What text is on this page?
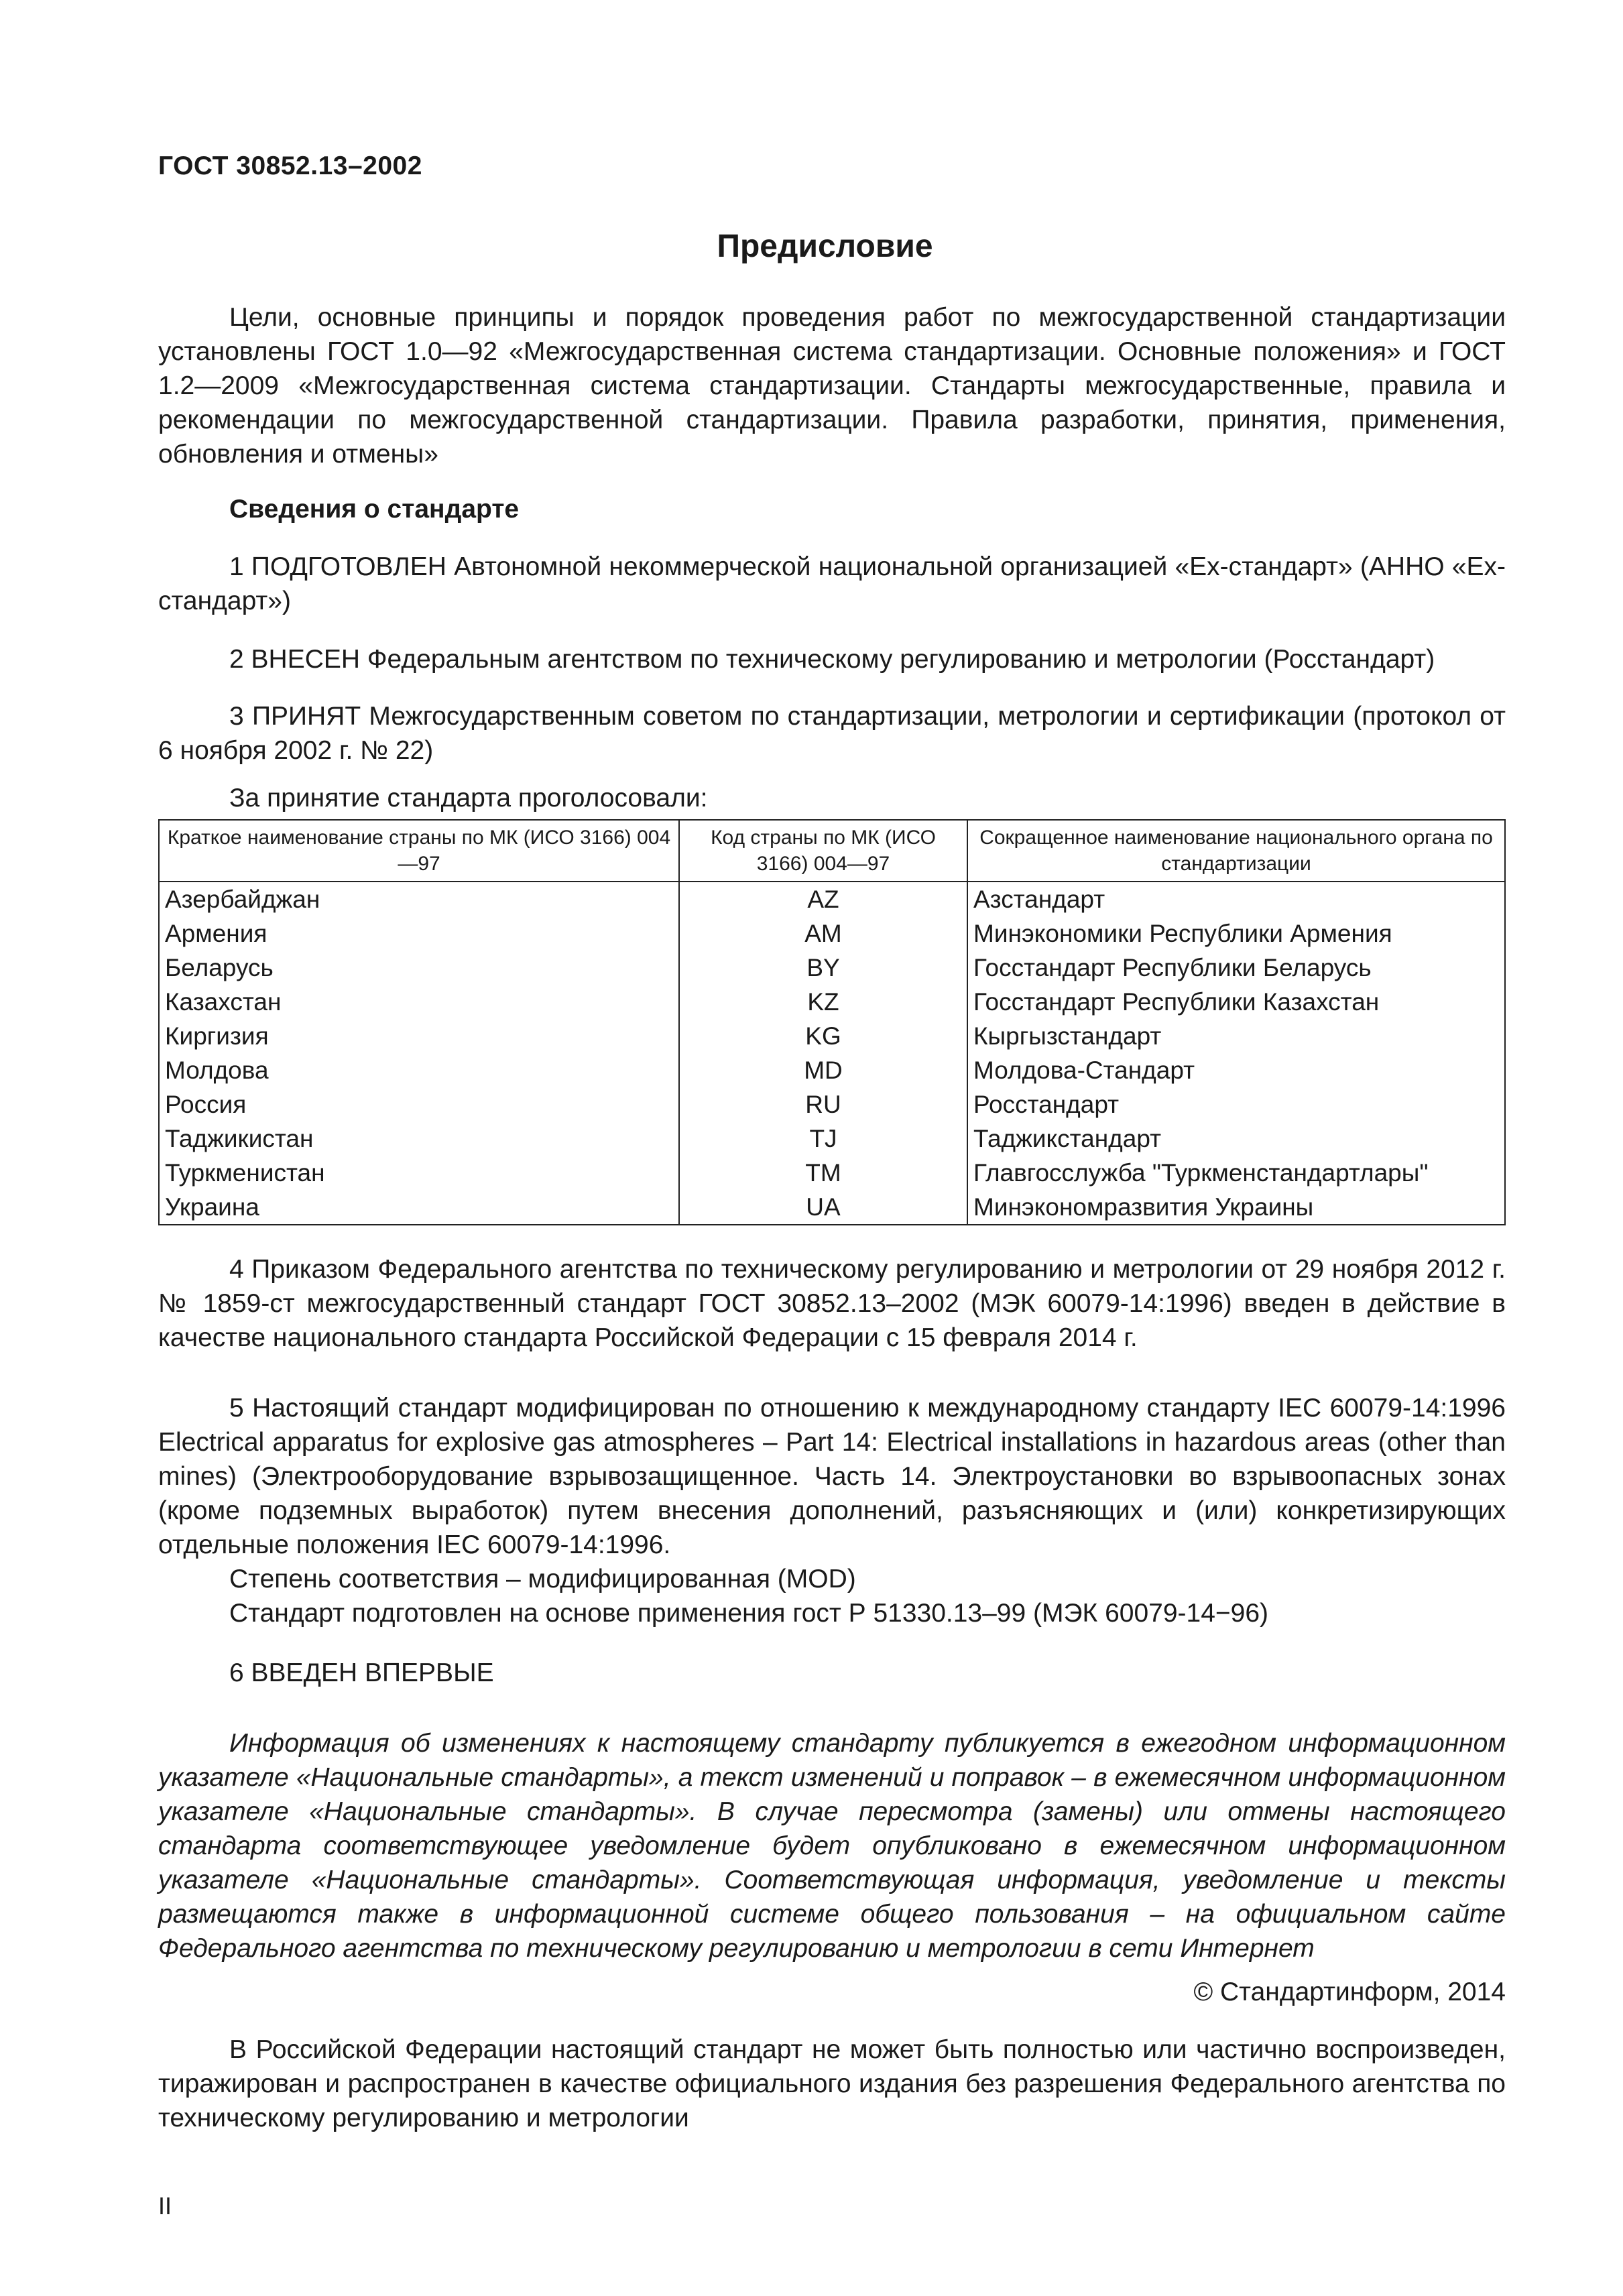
ГОСТ 30852.13–2002
Предисловие

Цели, основные принципы и порядок проведения работ по межгосударственной стандартизации установлены ГОСТ 1.0—92 «Межгосударственная система стандартизации. Основные положения» и ГОСТ 1.2—2009 «Межгосударственная система стандартизации. Стандарты межгосударственные, правила и рекомендации по межгосударственной стандартизации. Правила разработки, принятия, применения, обновления и отмены»

Сведения о стандарте

1 ПОДГОТОВЛЕН Автономной некоммерческой национальной организацией «Ех-стандарт» (АННО «Ех-стандарт»)

2 ВНЕСЕН Федеральным агентством по техническому регулированию и метрологии (Росстандарт)

3 ПРИНЯТ Межгосударственным советом по стандартизации, метрологии и сертификации (протокол от 6 ноября 2002 г. № 22)

За принятие стандарта проголосовали:

Краткое наименование страны по МК (ИСО 3166) 004—97	Код страны по МК (ИСО 3166) 004—97	Сокращенное наименование национального органа по стандартизации
Азербайджан	AZ	Азстандарт
Армения	AM	Минэкономики Республики Армения
Беларусь	BY	Госстандарт Республики Беларусь
Казахстан	KZ	Госстандарт Республики Казахстан
Киргизия	KG	Кыргызстандарт
Молдова	MD	Молдова-Стандарт
Россия	RU	Росстандарт
Таджикистан	TJ	Таджикстандарт
Туркменистан	TM	Главгосслужба "Туркменстандартлары"
Украина	UA	Минэкономразвития Украины

4 Приказом Федерального агентства по техническому регулированию и метрологии от 29 ноября 2012 г. № 1859-ст межгосударственный стандарт ГОСТ 30852.13–2002 (МЭК 60079-14:1996) введен в действие в качестве национального стандарта Российской Федерации с 15 февраля 2014 г.

5 Настоящий стандарт модифицирован по отношению к международному стандарту IEC 60079-14:1996 Electrical apparatus for explosive gas atmospheres – Part 14: Electrical installations in hazardous areas (other than mines) (Электрооборудование взрывозащищенное. Часть 14. Электроустановки во взрывоопасных зонах (кроме подземных выработок) путем внесения дополнений, разъясняющих и (или) конкретизирующих отдельные положения IEC 60079-14:1996.

Степень соответствия – модифицированная (MOD)

Стандарт подготовлен на основе применения гост Р 51330.13–99 (МЭК 60079-14−96)

6 ВВЕДЕН ВПЕРВЫЕ

Информация об изменениях к настоящему стандарту публикуется в ежегодном информационном указателе «Национальные стандарты», а текст изменений и поправок – в ежемесячном информационном указателе «Национальные стандарты». В случае пересмотра (замены) или отмены настоящего стандарта соответствующее уведомление будет опубликовано в ежемесячном информационном указателе «Национальные стандарты». Соответствующая информация, уведомление и тексты размещаются также в информационной системе общего пользования – на официальном сайте Федерального агентства по техническому регулированию и метрологии в сети Интернет

© Стандартинформ, 2014

В Российской Федерации настоящий стандарт не может быть полностью или частично воспроизведен, тиражирован и распространен в качестве официального издания без разрешения Федерального агентства по техническому регулированию и метрологии

II
